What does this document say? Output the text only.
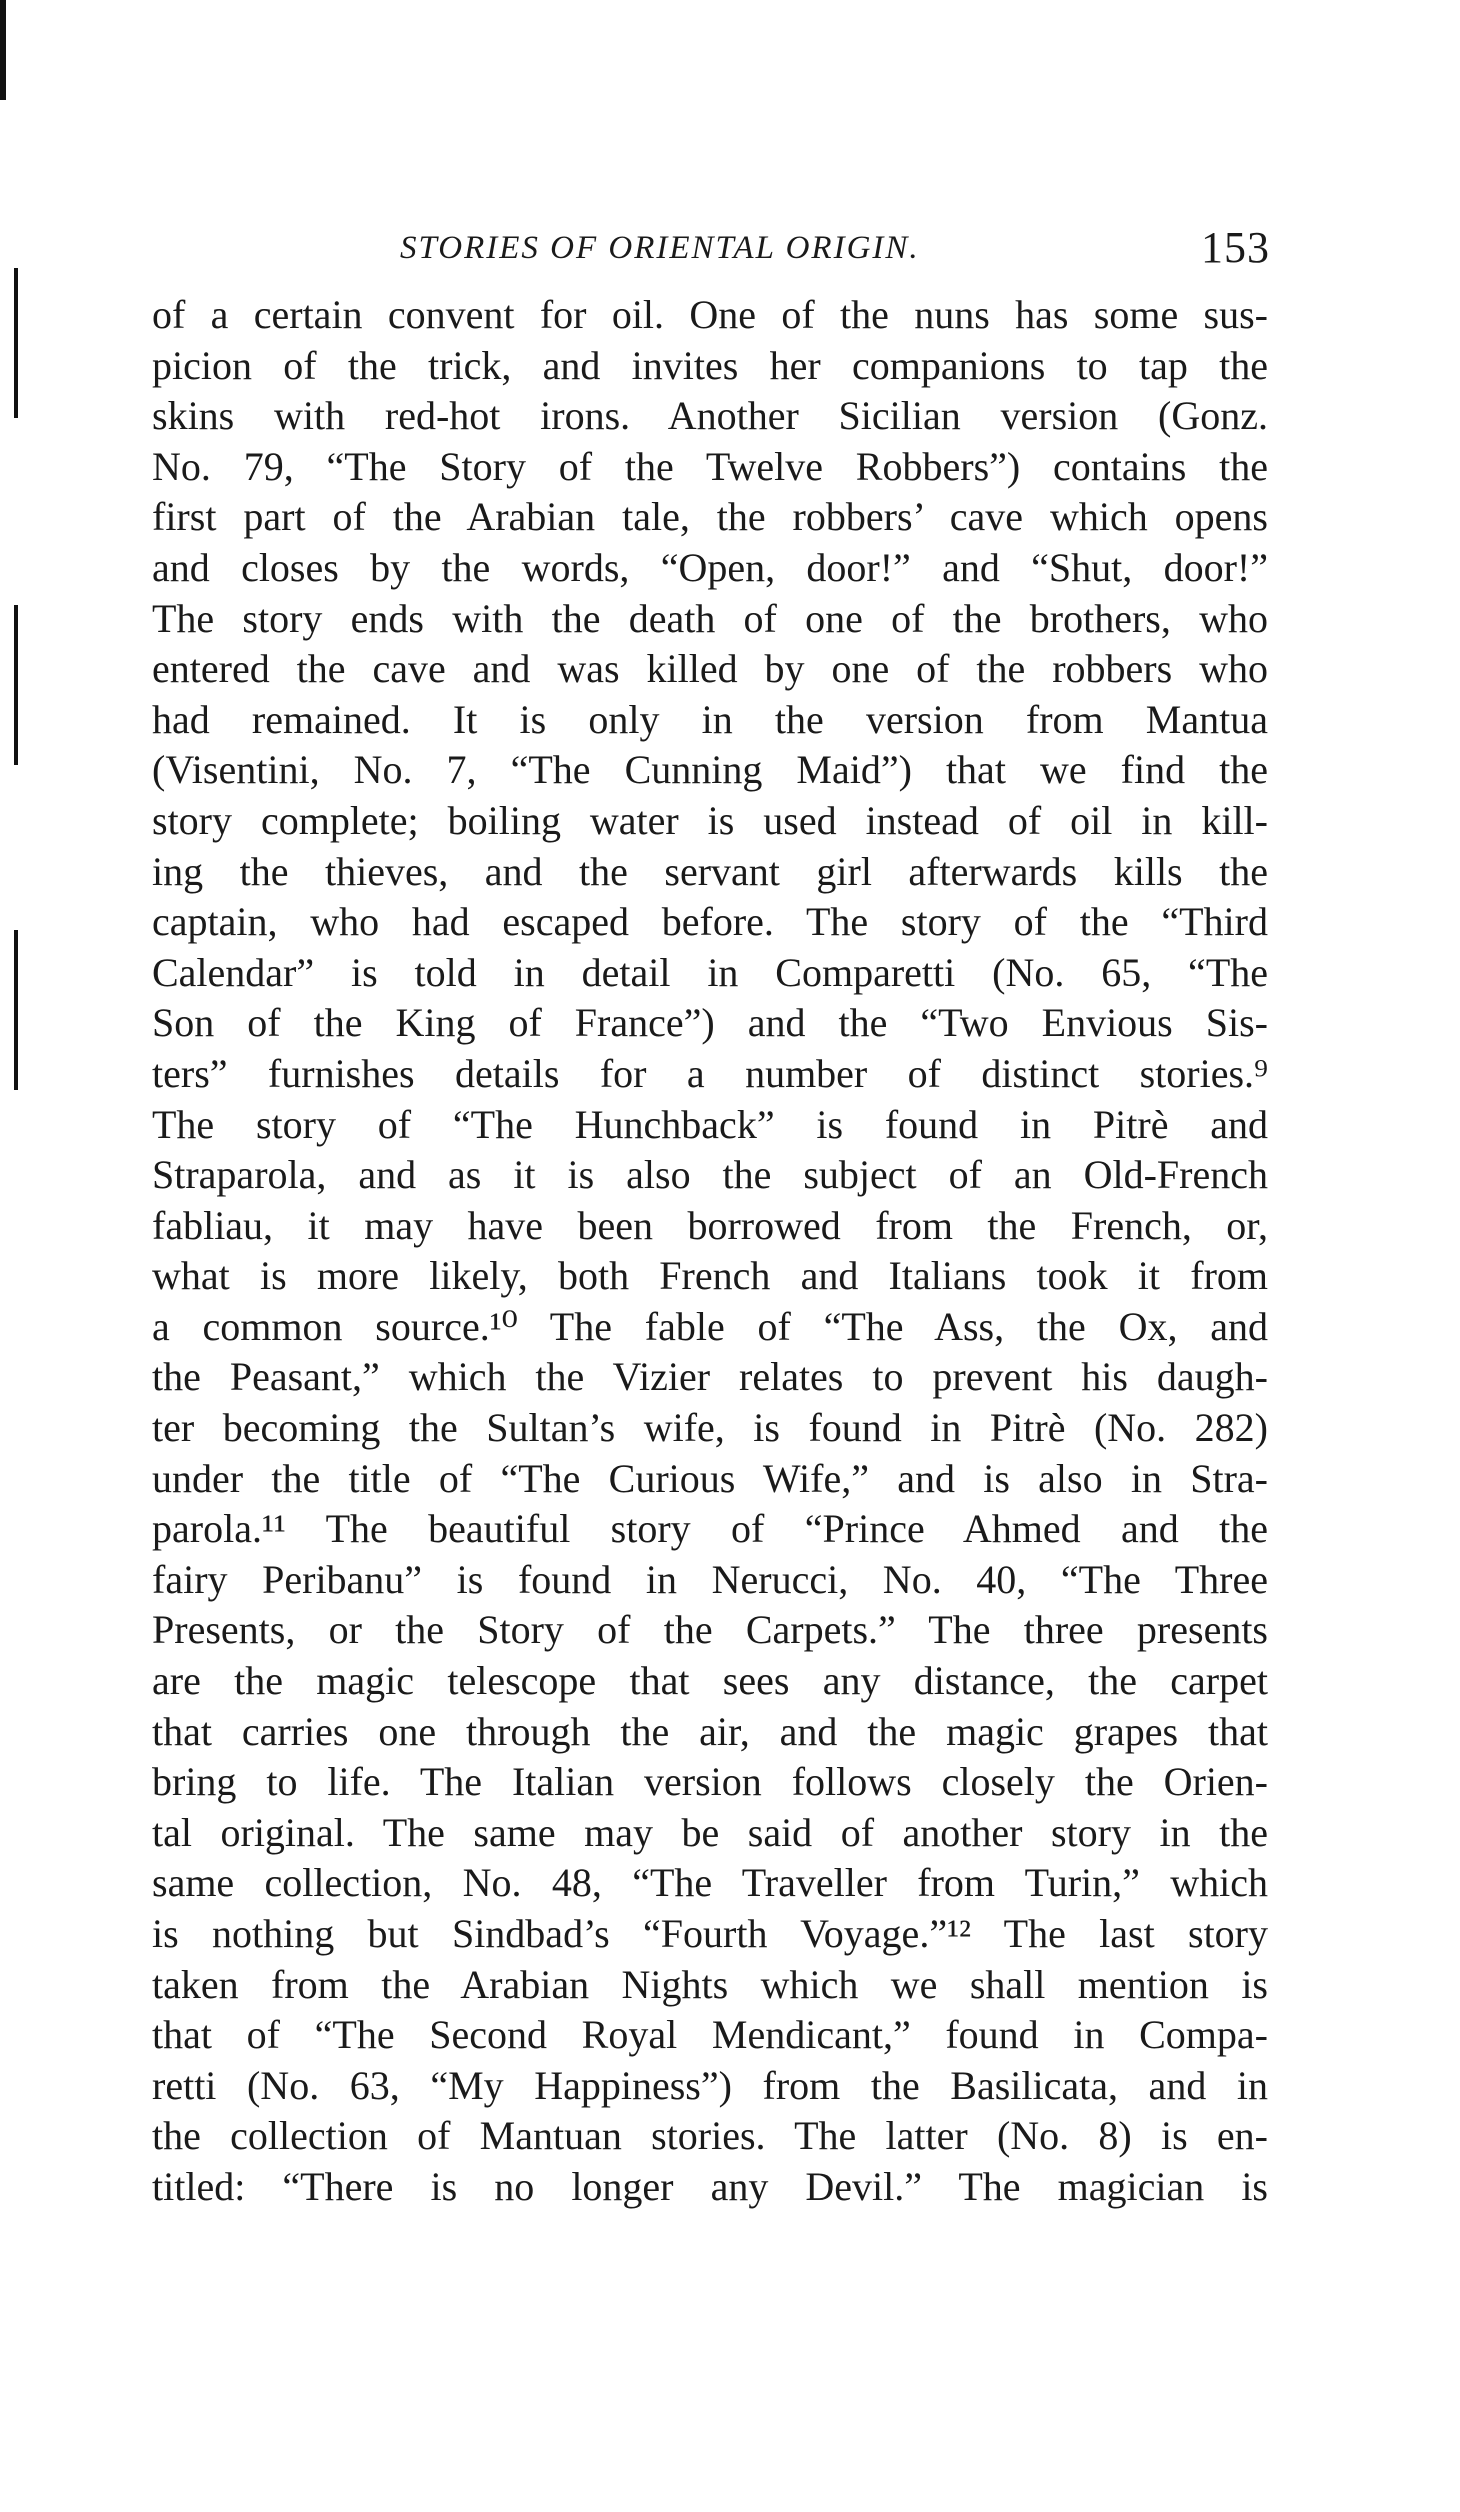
STORIES OF ORIENTAL ORIGIN.	153
of a certain convent for oil. One of the nuns has some sus-
picion of the trick, and invites her companions to tap the
skins with red-hot irons. Another Sicilian version (Gonz.
No. 79, “The Story of the Twelve Robbers”) contains the
first part of the Arabian tale, the robbers’ cave which opens
and closes by the words, “Open, door!” and “Shut, door!”
The story ends with the death of one of the brothers, who
entered the cave and was killed by one of the robbers who
had remained. It is only in the version from Mantua
(Visentini, No. 7, “The Cunning Maid”) that we find the
story complete; boiling water is used instead of oil in kill-
ing the thieves, and the servant girl afterwards kills the
captain, who had escaped before. The story of the “Third
Calendar” is told in detail in Comparetti (No. 65, “The
Son of the King of France”) and the “Two Envious Sis-
ters” furnishes details for a number of distinct stories.⁹
The story of “The Hunchback” is found in Pitrè and
Straparola, and as it is also the subject of an Old-French
fabliau, it may have been borrowed from the French, or,
what is more likely, both French and Italians took it from
a common source.¹⁰ The fable of “The Ass, the Ox, and
the Peasant,” which the Vizier relates to prevent his daugh-
ter becoming the Sultan’s wife, is found in Pitrè (No. 282)
under the title of “The Curious Wife,” and is also in Stra-
parola.¹¹ The beautiful story of “Prince Ahmed and the
fairy Peribanu” is found in Nerucci, No. 40, “The Three
Presents, or the Story of the Carpets.” The three presents
are the magic telescope that sees any distance, the carpet
that carries one through the air, and the magic grapes that
bring to life. The Italian version follows closely the Orien-
tal original. The same may be said of another story in the
same collection, No. 48, “The Traveller from Turin,” which
is nothing but Sindbad’s “Fourth Voyage.”¹² The last story
taken from the Arabian Nights which we shall mention is
that of “The Second Royal Mendicant,” found in Compa-
retti (No. 63, “My Happiness”) from the Basilicata, and in
the collection of Mantuan stories. The latter (No. 8) is en-
titled: “There is no longer any Devil.” The magician is
